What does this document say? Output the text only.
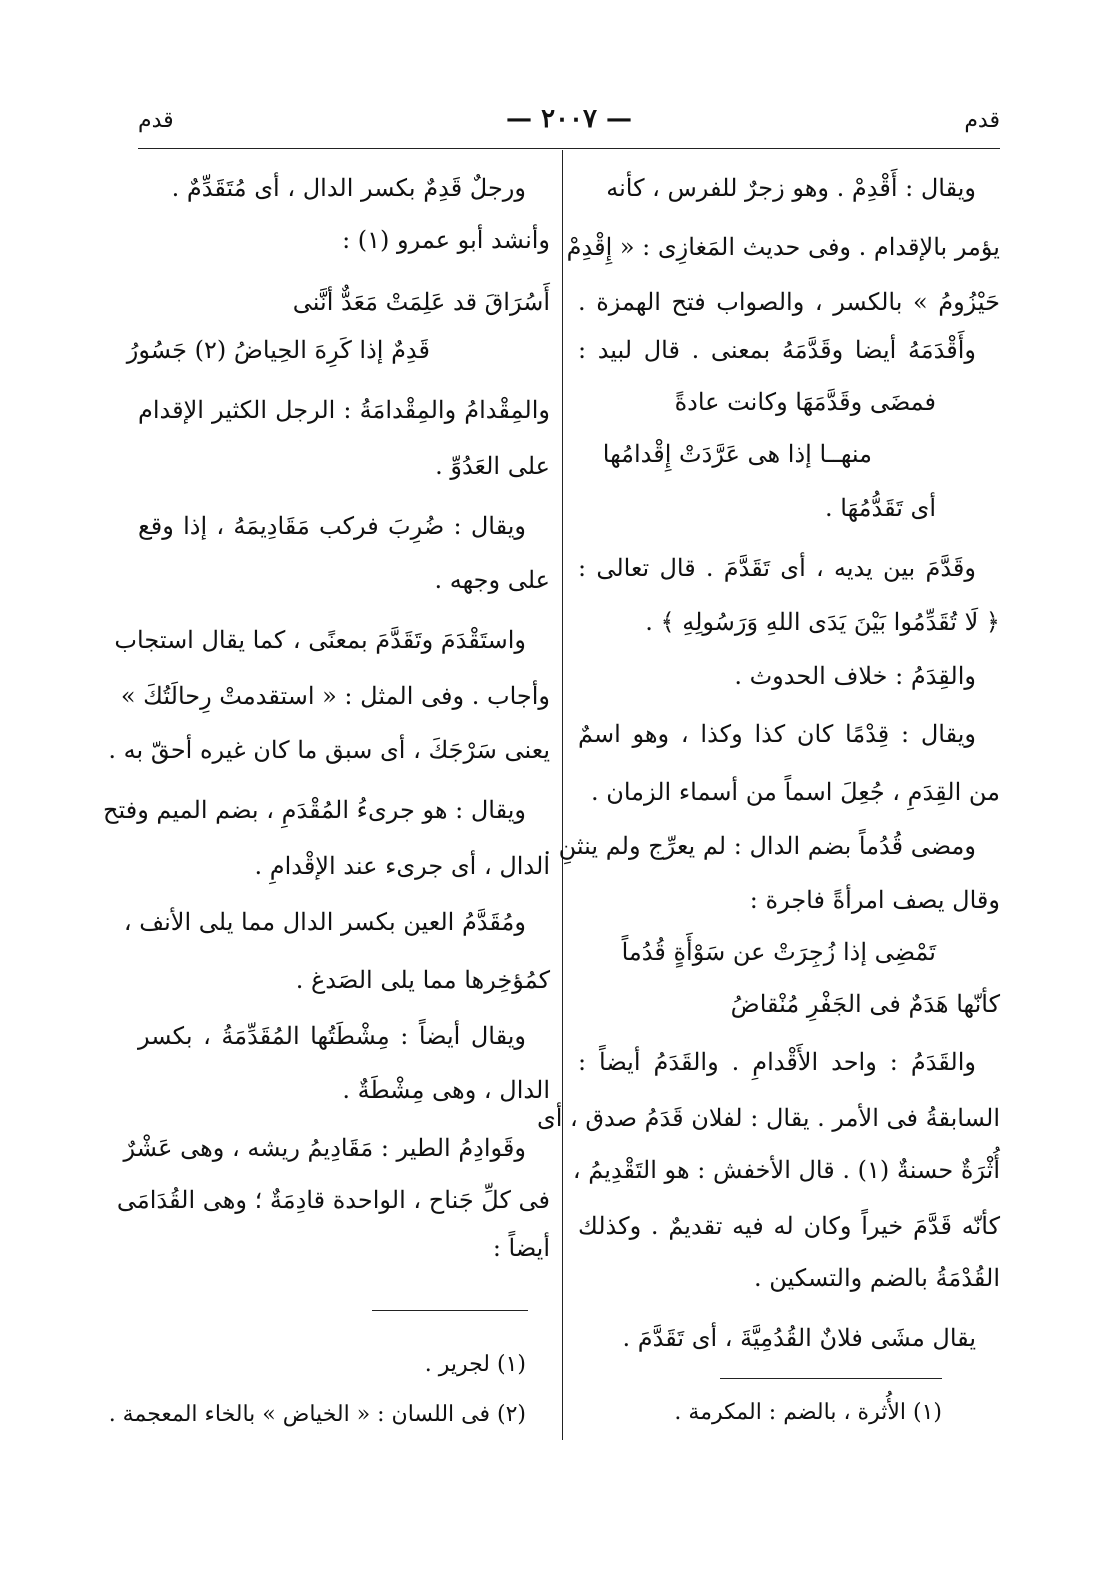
قدم
— ٢٠٠٧ —
قدم
ويقال : أَقْدِمْ . وهو زجرٌ للفرس ، كأنه
يؤمر بالإقدام . وفى حديث المَغازِى : « إِقْدِمْ
حَيْزُومُ » بالكسر ، والصواب فتح الهمزة .
وأَقْدَمَهُ أيضا وقَدَّمَهُ بمعنى . قال لبيد :
فمضَى وقَدَّمَهَا وكانت عادةً
منهــا إذا هى عَرَّدَتْ إِقْدامُها
أى تَقَدُّمُهَا .
وقَدَّمَ بين يديه ، أى تَقَدَّمَ . قال تعالى :
﴿ لَا تُقَدِّمُوا بَيْنَ يَدَى اللهِ وَرَسُولِهِ ﴾ .
والقِدَمُ : خلاف الحدوث .
ويقال : قِدْمًا كان كذا وكذا ، وهو اسمٌ
من القِدَمِ ، جُعِلَ اسماً من أسماء الزمان .
ومضى قُدُماً بضم الدال : لم يعرِّج ولم ينثنِ .
وقال يصف امرأةً فاجرة :
تَمْضِى إذا زُجِرَتْ عن سَوْأَةٍ قُدُماً
كأنّها هَدَمٌ فى الجَفْرِ مُنْقاضُ
والقَدَمُ : واحد الأَقْدامِ . والقَدَمُ أيضاً :
السابقةُ فى الأمر . يقال : لفلان قَدَمُ صدق ، أى
أُثْرَةٌ حسنةٌ (١) . قال الأخفش : هو التَقْدِيمُ ،
كأنّه قَدَّمَ خيراً وكان له فيه تقديمٌ . وكذلك
القُدْمَةُ بالضم والتسكين .
يقال مشَى فلانٌ القُدُمِيَّةَ ، أى تَقَدَّمَ .
(١) الأُثرة ، بالضم : المكرمة .
ورجلٌ قَدِمٌ بكسر الدال ، أى مُتَقَدِّمٌ .
وأنشد أبو عمرو (١) :
أَسُرَاقَ قد عَلِمَتْ مَعَدٌّ أنَّنى
قَدِمٌ إذا كَرِهَ الحِياضُ (٢) جَسُورُ
والمِقْدامُ والمِقْدامَةُ : الرجل الكثير الإقدام
على العَدُوِّ .
ويقال : ضُرِبَ فركب مَقَادِيمَهُ ، إذا وقع
على وجهه .
واستَقْدَمَ وتَقَدَّمَ بمعنًى ، كما يقال استجاب
وأجاب . وفى المثل : « استقدمتْ رِحالَتُكَ »
يعنى سَرْجَكَ ، أى سبق ما كان غيره أحقّ به .
ويقال : هو جرىءُ المُقْدَمِ ، بضم الميم وفتح
الدال ، أى جرىء عند الإقْدامِ .
ومُقَدَّمُ العين بكسر الدال مما يلى الأنف ،
كمُؤخِرها مما يلى الصَدغ .
ويقال أيضاً : مِشْطَتُها المُقَدِّمَةُ ، بكسر
الدال ، وهى مِشْطَةٌ .
وقَوادِمُ الطير : مَقَادِيمُ ريشه ، وهى عَشْرٌ
فى كلِّ جَناح ، الواحدة قادِمَةٌ ؛ وهى القُدَامَى
أيضاً :
(١) لجرير .
(٢) فى اللسان : « الخياض » بالخاء المعجمة .
